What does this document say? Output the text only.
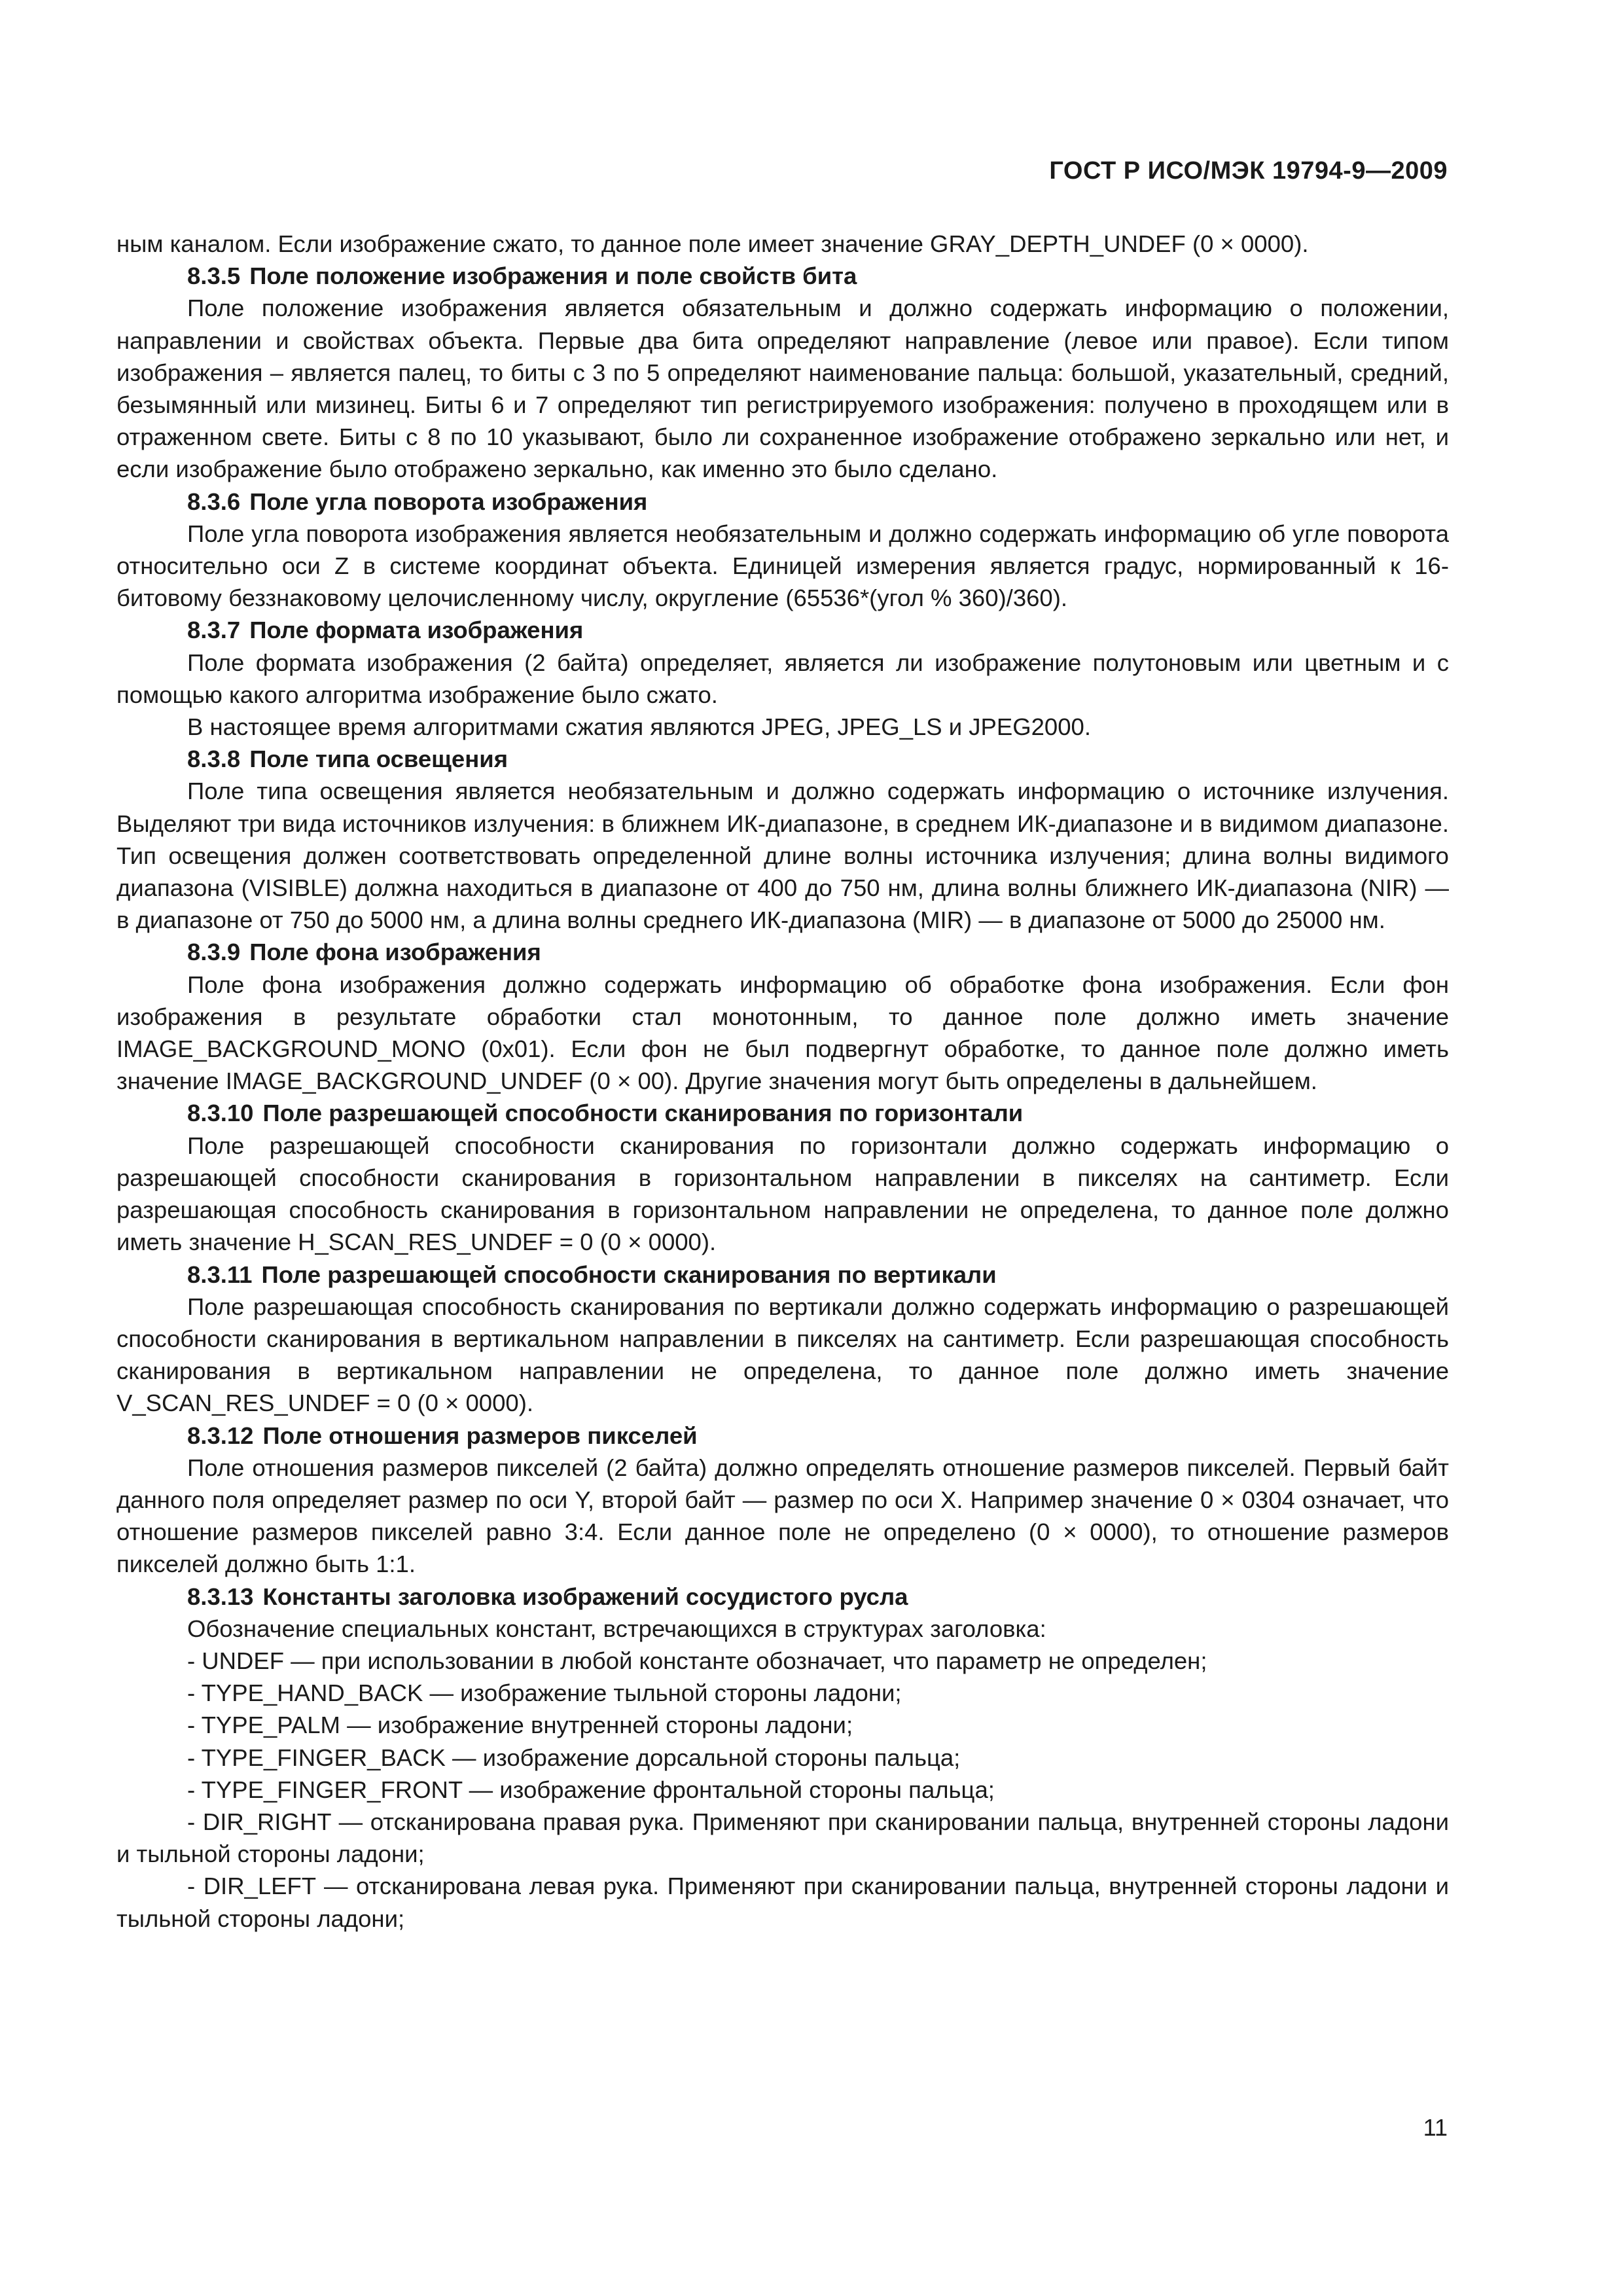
ГОСТ Р ИСО/МЭК 19794-9—2009

ным каналом. Если изображение сжато, то данное поле имеет значение GRAY_DEPTH_UNDEF (0 × 0000).

8.3.5 Поле положение изображения и поле свойств бита

Поле положение изображения является обязательным и должно содержать информацию о положении, направлении и свойствах объекта. Первые два бита определяют направление (левое или правое). Если типом изображения – является палец, то биты с 3 по 5 определяют наименование пальца: большой, указательный, средний, безымянный или мизинец. Биты 6 и 7 определяют тип регистрируемого изображения: получено в проходящем или в отраженном свете. Биты с 8 по 10 указывают, было ли сохраненное изображение отображено зеркально или нет, и если изображение было отображено зеркально, как именно это было сделано.

8.3.6 Поле угла поворота изображения

Поле угла поворота изображения является необязательным и должно содержать информацию об угле поворота относительно оси Z в системе координат объекта. Единицей измерения является градус, нормированный к 16-битовому беззнаковому целочисленному числу, округление (65536*(угол % 360)/360).

8.3.7 Поле формата изображения

Поле формата изображения (2 байта) определяет, является ли изображение полутоновым или цветным и с помощью какого алгоритма изображение было сжато.

В настоящее время алгоритмами сжатия являются JPEG, JPEG_LS и JPEG2000.

8.3.8 Поле типа освещения

Поле типа освещения является необязательным и должно содержать информацию о источнике излучения. Выделяют три вида источников излучения: в ближнем ИК-диапазоне, в среднем ИК-диапазоне и в видимом диапазоне. Тип освещения должен соответствовать определенной длине волны источника излучения; длина волны видимого диапазона (VISIBLE) должна находиться в диапазоне от 400 до 750 нм, длина волны ближнего ИК-диапазона (NIR) — в диапазоне от 750 до 5000 нм, а длина волны среднего ИК-диапазона (MIR) — в диапазоне от 5000 до 25000 нм.

8.3.9 Поле фона изображения

Поле фона изображения должно содержать информацию об обработке фона изображения. Если фон изображения в результате обработки стал монотонным, то данное поле должно иметь значение IMAGE_BACKGROUND_MONO (0x01). Если фон не был подвергнут обработке, то данное поле должно иметь значение IMAGE_BACKGROUND_UNDEF (0 × 00). Другие значения могут быть определены в дальнейшем.

8.3.10 Поле разрешающей способности сканирования по горизонтали

Поле разрешающей способности сканирования по горизонтали должно содержать информацию о разрешающей способности сканирования в горизонтальном направлении в пикселях на сантиметр. Если разрешающая способность сканирования в горизонтальном направлении не определена, то данное поле должно иметь значение H_SCAN_RES_UNDEF = 0 (0 × 0000).

8.3.11 Поле разрешающей способности сканирования по вертикали

Поле разрешающая способность сканирования по вертикали должно содержать информацию о разрешающей способности сканирования в вертикальном направлении в пикселях на сантиметр. Если разрешающая способность сканирования в вертикальном направлении не определена, то данное поле должно иметь значение V_SCAN_RES_UNDEF = 0 (0 × 0000).

8.3.12 Поле отношения размеров пикселей

Поле отношения размеров пикселей (2 байта) должно определять отношение размеров пикселей. Первый байт данного поля определяет размер по оси Y, второй байт — размер по оси X. Например значение 0 × 0304 означает, что отношение размеров пикселей равно 3:4. Если данное поле не определено (0 × 0000), то отношение размеров пикселей должно быть 1:1.

8.3.13 Константы заголовка изображений сосудистого русла

Обозначение специальных констант, встречающихся в структурах заголовка:

- UNDEF — при использовании в любой константе обозначает, что параметр не определен;

- TYPE_HAND_BACK — изображение тыльной стороны ладони;

- TYPE_PALM — изображение внутренней стороны ладони;

- TYPE_FINGER_BACK — изображение дорсальной стороны пальца;

- TYPE_FINGER_FRONT — изображение фронтальной стороны пальца;

- DIR_RIGHT — отсканирована правая рука. Применяют при сканировании пальца, внутренней стороны ладони и тыльной стороны ладони;

- DIR_LEFT — отсканирована левая рука. Применяют при сканировании пальца, внутренней стороны ладони и тыльной стороны ладони;

11
